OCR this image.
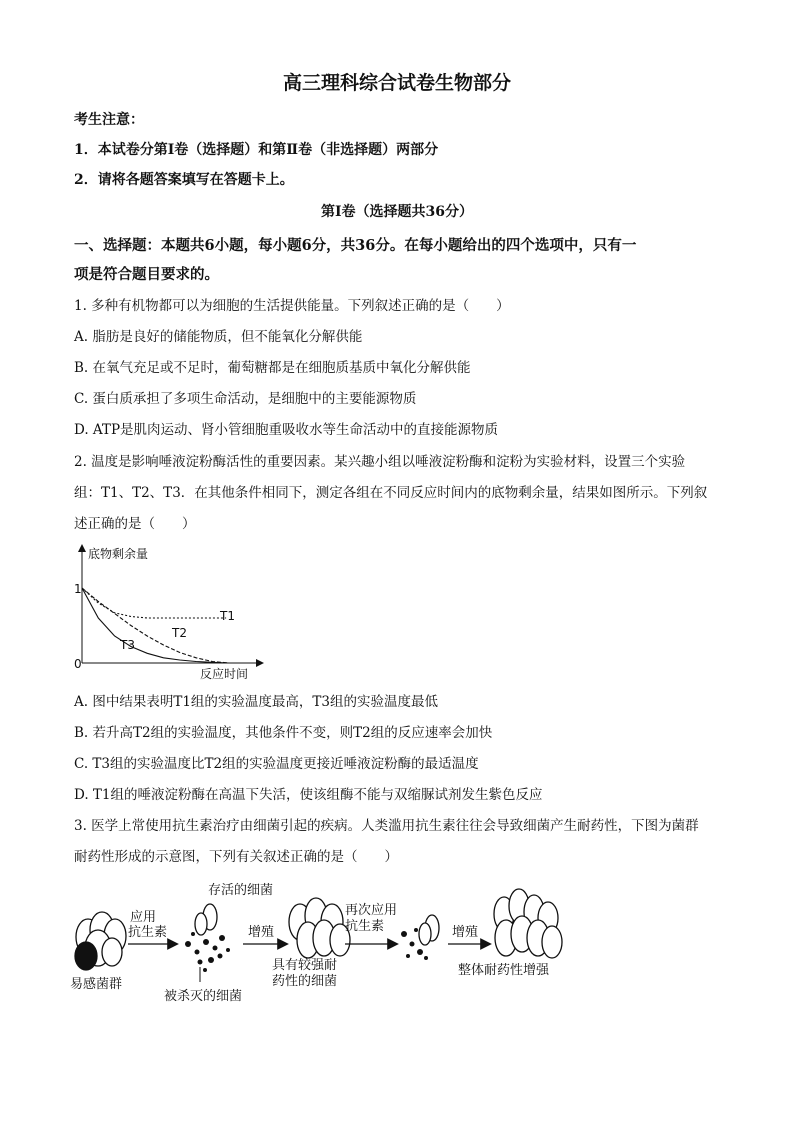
高三理科综合试卷生物部分
考生注意：
1．本试卷分第Ⅰ卷（选择题）和第Ⅱ卷（非选择题）两部分
2．请将各题答案填写在答题卡上。
第Ⅰ卷（选择题共36分）
一、选择题：本题共6小题，每小题6分，共36分。在每小题给出的四个选项中，只有一
项是符合题目要求的。
1. 多种有机物都可以为细胞的生活提供能量。下列叙述正确的是（　　）
A. 脂肪是良好的储能物质，但不能氧化分解供能
B. 在氧气充足或不足时，葡萄糖都是在细胞质基质中氧化分解供能
C. 蛋白质承担了多项生命活动，是细胞中的主要能源物质
D. ATP是肌肉运动、肾小管细胞重吸收水等生命活动中的直接能源物质
2. 温度是影响唾液淀粉酶活性的重要因素。某兴趣小组以唾液淀粉酶和淀粉为实验材料，设置三个实验
组：T1、T2、T3．在其他条件相同下，测定各组在不同反应时间内的底物剩余量，结果如图所示。下列叙
述正确的是（　　）
底物剩余量
反应时间
1
0
T1
T2
T3
A. 图中结果表明T1组的实验温度最高，T3组的实验温度最低
B. 若升高T2组的实验温度，其他条件不变，则T2组的反应速率会加快
C. T3组的实验温度比T2组的实验温度更接近唾液淀粉酶的最适温度
D. T1组的唾液淀粉酶在高温下失活，使该组酶不能与双缩脲试剂发生紫色反应
3. 医学上常使用抗生素治疗由细菌引起的疾病。人类滥用抗生素往往会导致细菌产生耐药性，下图为菌群
耐药性形成的示意图，下列有关叙述正确的是（　　）
易感菌群
应用
抗生素
存活的细菌
被杀灭的细菌
增殖
具有较强耐
药性的细菌
再次应用
抗生素	增殖
整体耐药性增强
